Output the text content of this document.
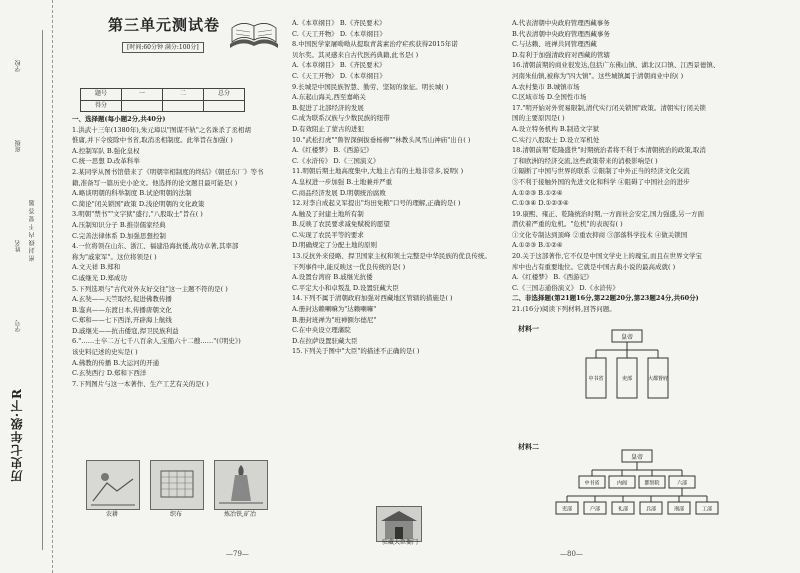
学校
班级
姓名
学号
密 封 线 内 不 要 答 题
历史七年级·下R
第三单元测试卷
[时间:60分钟 满分:100分]
题号	一	二	总分
得分			

一、选择题(每小题2分,共40分)

1.洪武十三年(1380年),朱元璋以"图谋不轨"之名诛杀了丞相胡

惟庸,并下令废除中书省,取消丞相制度。此举旨在加强( )

A.控制军队 B.强化皇权

C.统一思想 D.改革科举

2.某同学从图书馆借来了《明朝宰相制度的终结》《朝廷东厂》等书

籍,准备写一篇历史小论文。他选择的论文题目最可能是( )

A.略谈明朝的科举制度 B.试论明朝的法制

C.简论"闭关锁国"政策 D.浅论明朝的文化政策

3.明朝"禁书""文字狱"盛行,"八股取士"旨在( )

A.压制知识分子 B.推崇儒家经典

C.完善法律体系 D.加强思想控制

4.一位将领在山东、浙江、福建沿海抗倭,战功卓著,其率部

称为"戚家军"。这位将领是( )

A.文天祥 B.郑和

C.戚继光 D.郑成功

5.下列选项与"古代对外友好交往"这一主题不符的是( )

A.玄奘——天竺取经,促进佛教传播

B.鉴真——东渡日本,传播唐朝文化

C.郑和——七下西洋,开辟海上航线

D.戚继光——抗击倭寇,捍卫民族利益

6."……士卒二万七千八百余人,宝船六十二艘……"(《明史》)

该史料记述的史实是( )

A.佛教的传播 B.大运河的开通

C.玄奘西行 D.郑和下西洋

7.下列图片与这一本著作、生产工艺有关的是( )

农耕	织布	炼冶铁,矿冶

A.《本草纲目》 B.《齐民要术》

C.《天工开物》 D.《本草纲目》

8.中国医学家屠呦呦从提取青蒿素治疗疟疾获得2015年诺

贝尔奖。其灵感来自古代医药典籍,此书是( )

A.《本草纲目》 B.《齐民要术》

C.《天工开物》 D.《本草纲目》

9.长城是中国民族智慧、勤劳、坚韧的象征。明长城( )

A.东起山海关,西至嘉峪关

B.促进了北部经济的发展

C.成为联系汉族与少数民族的纽带

D.有效阻止了蒙古的进犯

10."武松打虎""鲁智深倒拔垂杨柳""林教头风雪山神庙"出自( )

A.《红楼梦》 B.《西游记》

C.《水浒传》 D.《三国演义》

11.明朝后期土地高度集中,大地主占有的土地非常多,说明( )

A.皇权进一步加强 B.土地兼并严重

C.商品经济发展 D.明朝统治腐败

12.对李自成起义军提出"均田免粮"口号的理解,正确的是( )

A.触及了封建土地所有制

B.反映了农民要求减免赋税的愿望

C.实现了农民平等的要求

D.明确规定了分配土地的原则

13.反抗外来侵略、捍卫国家主权和领土完整是中华民族的优良传统。

下列事件中,能反映这一优良传统的是( )

A.设置台湾府 B.戚继光抗倭

C.平定大小和卓叛乱 D.设置驻藏大臣

14.下列不属于清朝政府加强对西藏地区管辖的措施是( )

A.册封达赖喇嘛为"达赖喇嘛"

B.册封班禅为"班禅额尔德尼"

C.在中央设立理藩院

D.在拉萨设置驻藏大臣

15.下列关于图中"大臣"的描述不正确的是( )

驻藏大臣衙门

A.代表清朝中央政府管理西藏事务

B.代表清朝中央政府管理西藏事务

C.与达赖、班禅共同管理西藏

D.有利于加强清政府对西藏的管辖

16.清朝前期的商业很发达,包括广东佛山镇、湖北汉口镇、江西景德镇、

河南朱仙镇,被称为"四大镇"。这些城镇属于清朝商业中的( )

A.农村集市 B.城镇市场

C.区域市场 D.全国性市场

17."明开始对外贸易限制,清代实行闭关锁国"政策。清朝实行闭关锁

国的主要原因是( )

A.设立特务机构 B.制造文字狱

C.实行八股取士 D.设立军机处

18.清朝前期"乾隆盛世"时期统治者将不利于本清朝统治的政策,取消

了和欧洲的经济交流,这些政策带来的消极影响是( )

①隔断了中国与世界的联系 ②限制了中外正当的经济文化交流

③不利于接触外国的先进文化和科学 ④阻碍了中国社会的进步

A.①②③ B.①②④

C.①③④ D.①②③④

19.康熙、雍正、乾隆统治时期,一方面社会安定,国力强盛,另一方面

潜伏着严重的危机。"危机"的表现有( )

①文化专制达到顶峰 ②重农抑商 ③部落科学技术 ④做关锁国

A.①②③ B.①②④

20.关于这部著作,它不仅是中国文学史上的瑰宝,而且在世界文学宝

库中也占有重要地位。它就是中国古典小说的最高成就( )

A.《红楼梦》 B.《西游记》

C.《三国志通俗演义》 D.《水浒传》

二、非选择题(第21题16分,第22题20分,第23题24分,共60分)

21.(16分)阅读下列材料,回答问题。

材料一
皇帝
中书省	吏部	大都督府
材料二
皇帝
中书省	内阁	都察院	六部
吏部	户部	礼部	兵部	刑部	工部
—79—	—80—
